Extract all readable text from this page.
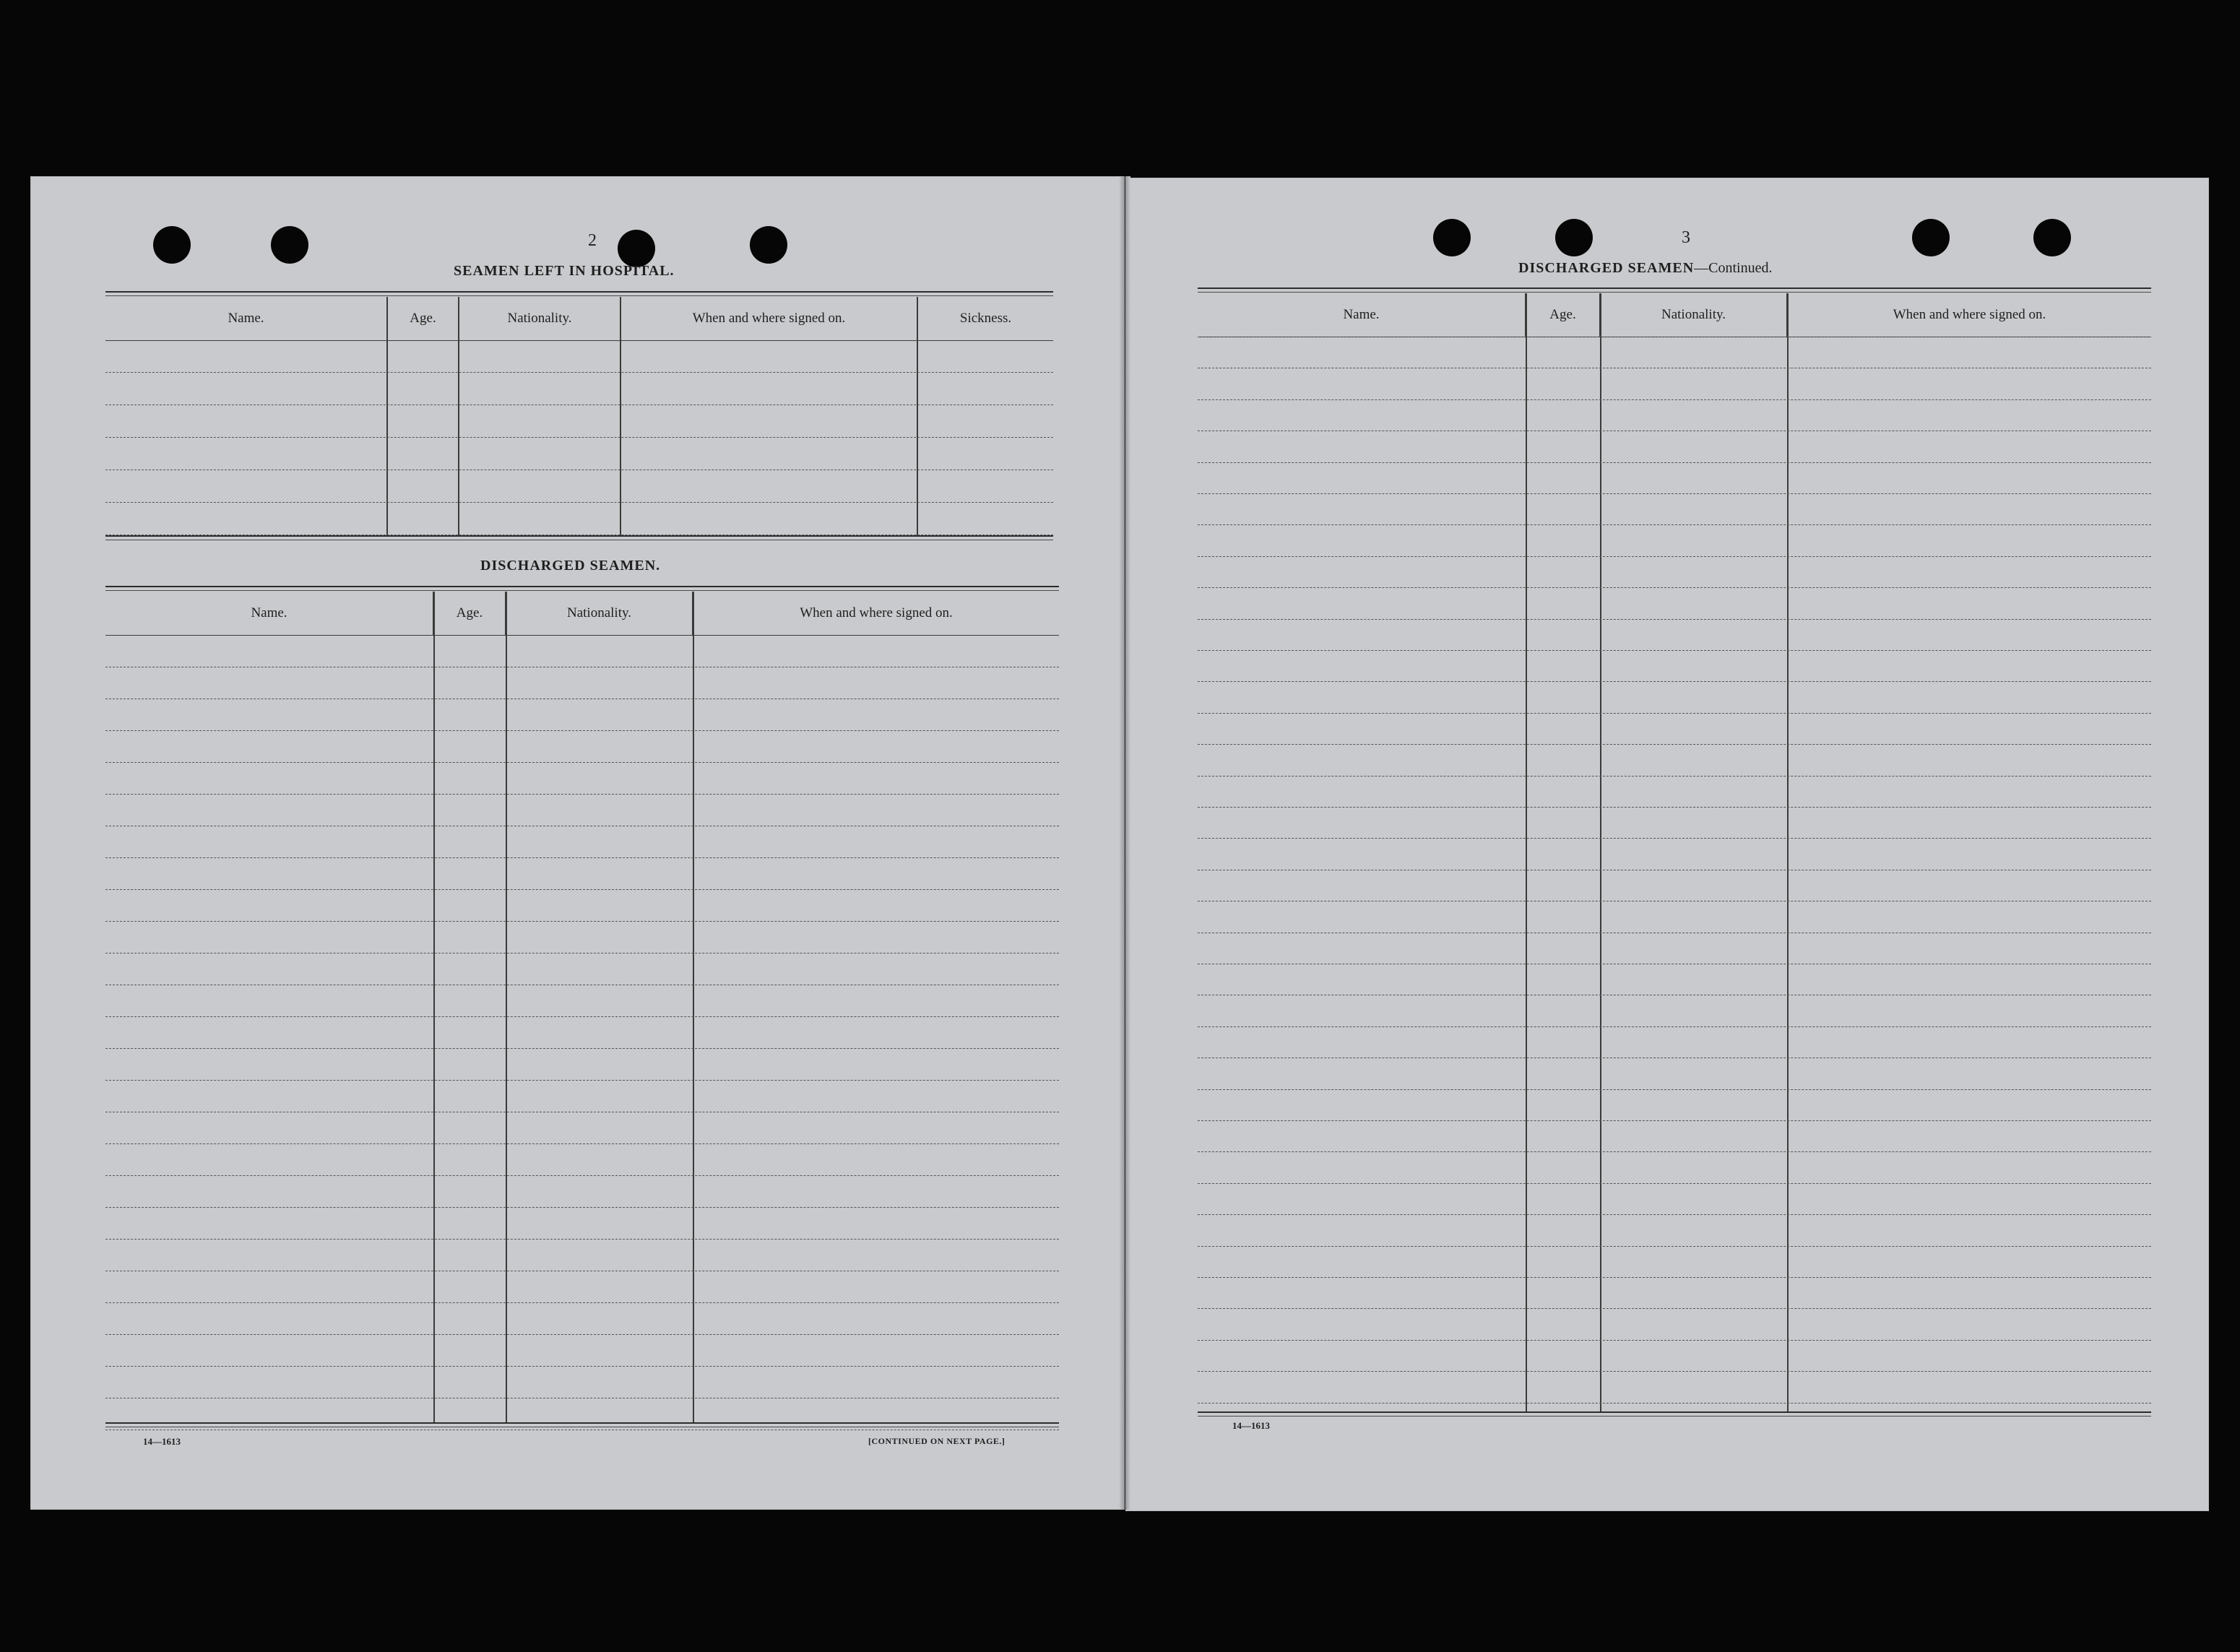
2
SEAMEN LEFT IN HOSPITAL.
Name.	Age.	Nationality.	When and where signed on.	Sickness.
DISCHARGED SEAMEN.
Name.	Age.	Nationality.	When and where signed on.
14—1613	[CONTINUED ON NEXT PAGE.]
3
DISCHARGED SEAMEN—Continued.
Name.	Age.	Nationality.	When and where signed on.
14—1613
